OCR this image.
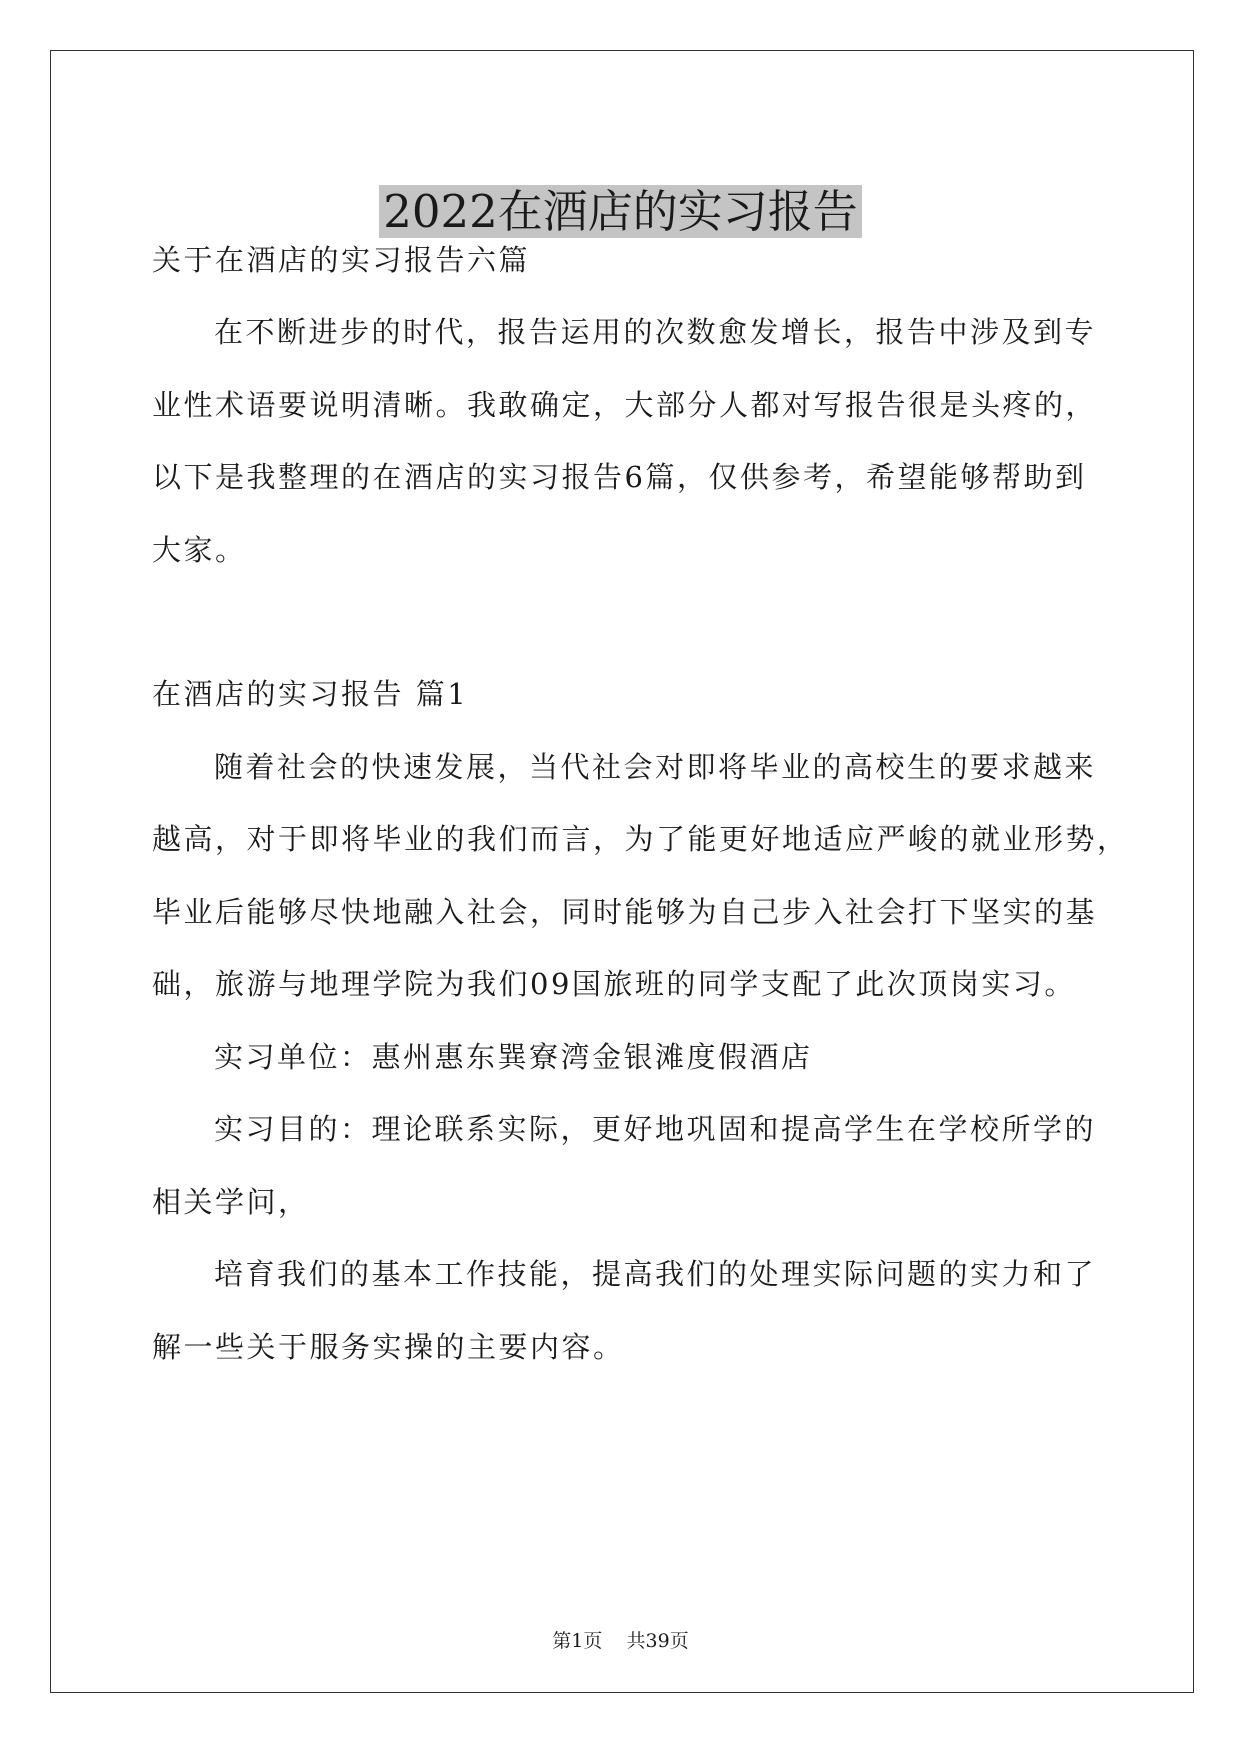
2022在酒店的实习报告
关于在酒店的实习报告六篇
在不断进步的时代，报告运用的次数愈发增长，报告中涉及到专
业性术语要说明清晰。我敢确定，大部分人都对写报告很是头疼的，
以下是我整理的在酒店的实习报告6篇，仅供参考，希望能够帮助到
大家。
在酒店的实习报告 篇1
随着社会的快速发展，当代社会对即将毕业的高校生的要求越来
越高，对于即将毕业的我们而言，为了能更好地适应严峻的就业形势，
毕业后能够尽快地融入社会，同时能够为自己步入社会打下坚实的基
础，旅游与地理学院为我们09国旅班的同学支配了此次顶岗实习。
实习单位：惠州惠东巽寮湾金银滩度假酒店
实习目的：理论联系实际，更好地巩固和提高学生在学校所学的
相关学问，
培育我们的基本工作技能，提高我们的处理实际问题的实力和了
解一些关于服务实操的主要内容。
第1页    共39页
